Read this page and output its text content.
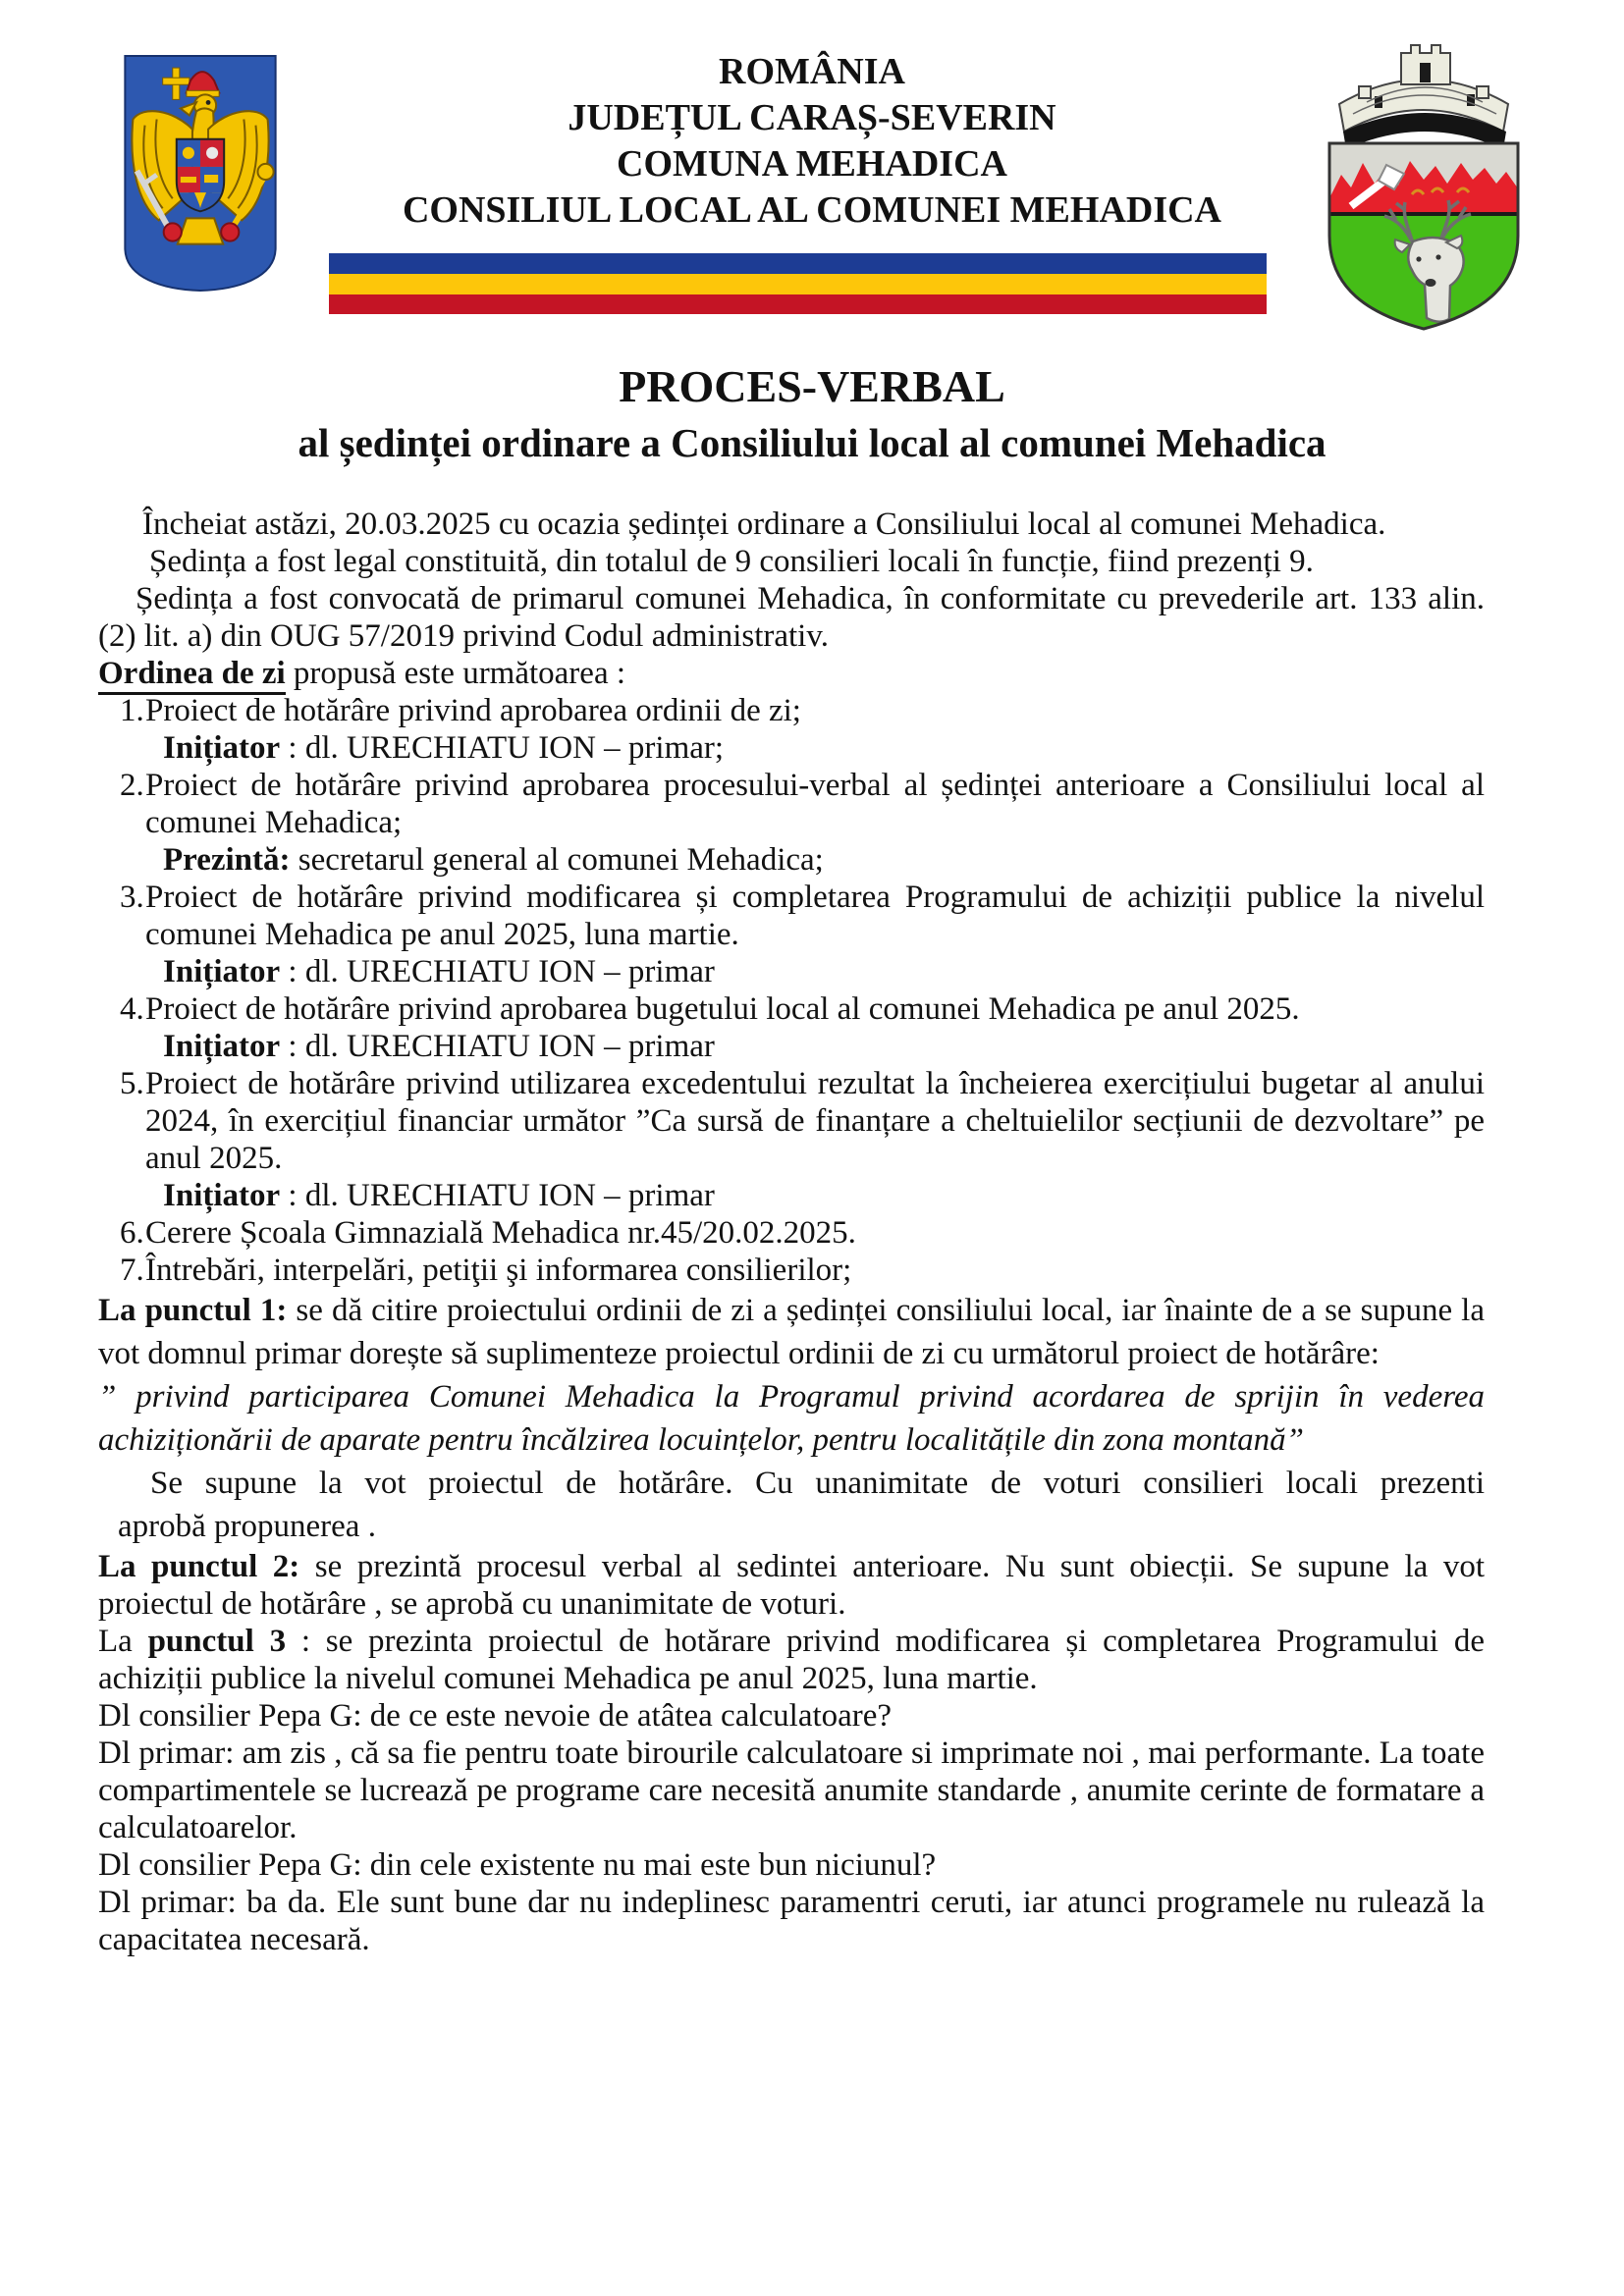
ROMÂNIA
JUDEȚUL CARAȘ-SEVERIN
COMUNA MEHADICA
CONSILIUL LOCAL AL COMUNEI MEHADICA
PROCES-VERBAL
al ședinței ordinare a Consiliului local al comunei Mehadica

Încheiat astăzi, 20.03.2025 cu ocazia ședinței ordinare a Consiliului local al comunei Mehadica.

Ședința a fost legal constituită, din totalul de 9 consilieri locali în funcție, fiind prezenți 9.

Ședința a fost convocată de primarul comunei Mehadica, în conformitate cu prevederile art. 133 alin. (2) lit. a) din OUG 57/2019 privind Codul administrativ.

Ordinea de zi propusă este următoarea :

1. Proiect de hotărâre privind aprobarea ordinii de zi;
Inițiator : dl. URECHIATU ION – primar;
2. Proiect de hotărâre privind aprobarea procesului-verbal al ședinței anterioare a Consiliului local al comunei Mehadica;
Prezintă: secretarul general al comunei Mehadica;
3. Proiect de hotărâre privind modificarea și completarea Programului de achiziții publice la nivelul comunei Mehadica pe anul 2025, luna martie.
Inițiator : dl. URECHIATU ION – primar
4. Proiect de hotărâre privind aprobarea bugetului local al comunei Mehadica pe anul 2025.
Inițiator : dl. URECHIATU ION – primar
5. Proiect de hotărâre privind utilizarea excedentului rezultat la încheierea exercițiului bugetar al anului 2024, în exercițiul financiar următor ”Ca sursă de finanțare a cheltuielilor secțiunii de dezvoltare” pe anul 2025.
Inițiator : dl. URECHIATU ION – primar
6. Cerere Școala Gimnazială Mehadica nr.45/20.02.2025.
7. Întrebări, interpelări, petiţii şi informarea consilierilor;

La punctul 1: se dă citire proiectului ordinii de zi a ședinței consiliului local, iar înainte de a se supune la vot domnul primar dorește să suplimenteze proiectul ordinii de zi cu următorul proiect de hotărâre:

” privind participarea Comunei Mehadica la Programul privind acordarea de sprijin în vederea achiziționării de aparate pentru încălzirea locuințelor, pentru localitățile din zona montană”

Se supune la vot proiectul de hotărâre. Cu unanimitate de voturi consilieri locali prezenti

aprobă propunerea .

La punctul 2: se prezintă procesul verbal al sedintei anterioare. Nu sunt obiecții. Se supune la vot proiectul de hotărâre , se aprobă cu unanimitate de voturi.

La punctul 3 : se prezinta proiectul de hotărare privind modificarea și completarea Programului de achiziții publice la nivelul comunei Mehadica pe anul 2025, luna martie.

Dl consilier Pepa G: de ce este nevoie de atâtea calculatoare?

Dl primar: am zis , că sa fie pentru toate birourile calculatoare si imprimate noi , mai performante. La toate compartimentele se lucrează pe programe care necesită anumite standarde , anumite cerinte de formatare a calculatoarelor.

Dl consilier Pepa G: din cele existente nu mai este bun niciunul?

Dl primar: ba da. Ele sunt bune dar nu indeplinesc paramentri ceruti, iar atunci programele nu rulează la capacitatea necesară.
